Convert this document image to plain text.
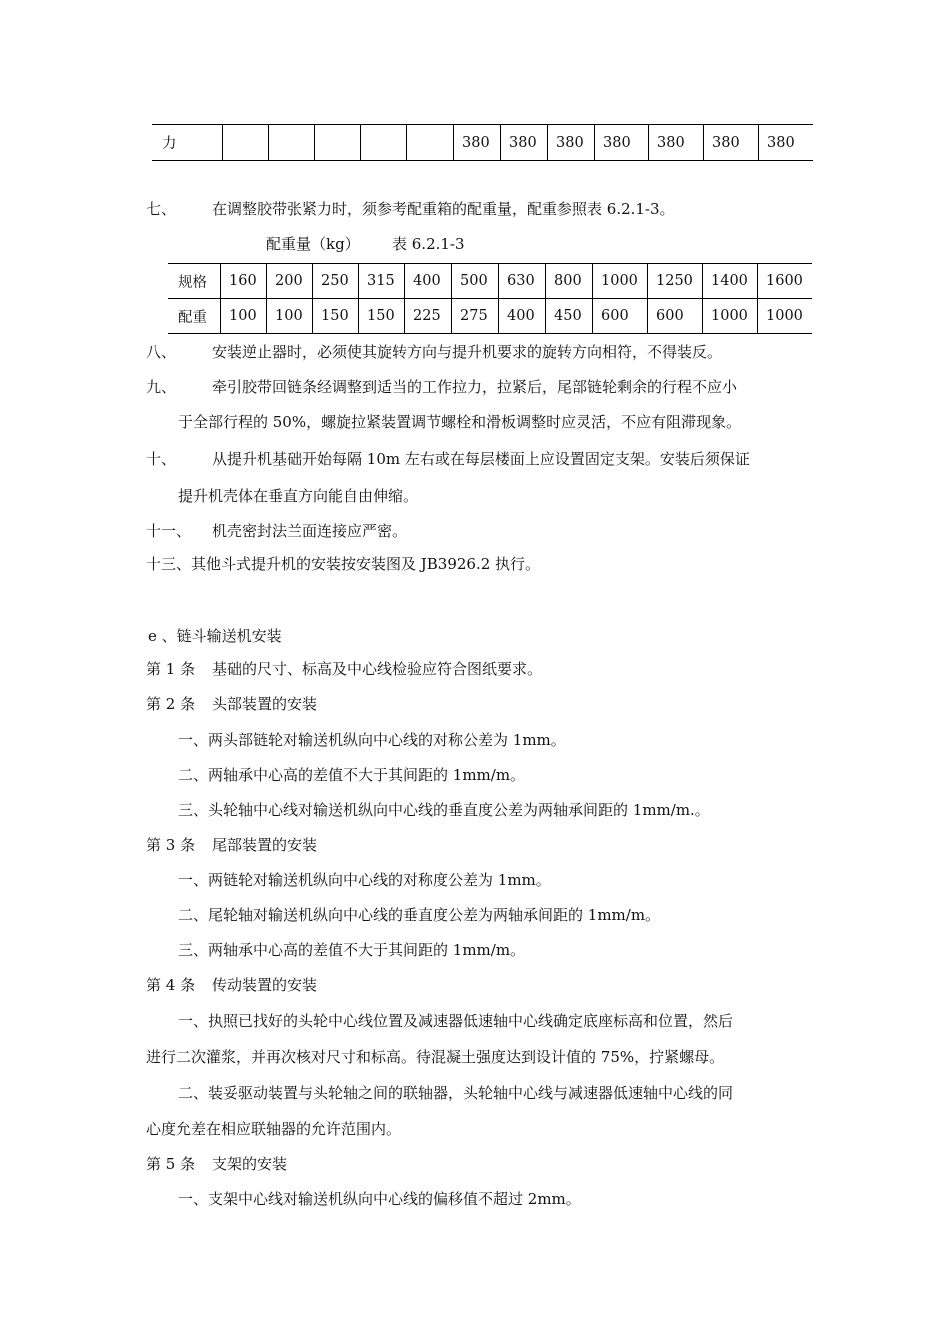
力						380	380	380	380	380	380	380
七、 在调整胶带张紧力时，须参考配重箱的配重量，配重参照表 6.2.1-3。
配重量（kg） 表 6.2.1-3
规格	160	200	250	315	400	500	630	800	1000	1250	1400	1600
配重	100	100	150	150	225	275	400	450	600	600	1000	1000
八、 安装逆止器时，必须使其旋转方向与提升机要求的旋转方向相符，不得装反。
九、 牵引胶带回链条经调整到适当的工作拉力，拉紧后，尾部链轮剩余的行程不应小
于全部行程的 50%，螺旋拉紧装置调节螺栓和滑板调整时应灵活，不应有阻滞现象。
十、 从提升机基础开始每隔 10m 左右或在每层楼面上应设置固定支架。安装后须保证
提升机壳体在垂直方向能自由伸缩。
十一、 机壳密封法兰面连接应严密。
十三、其他斗式提升机的安装按安装图及 JB3926.2 执行。
e 、链斗输送机安装
第 1 条 基础的尺寸、标高及中心线检验应符合图纸要求。
第 2 条 头部装置的安装
一、两头部链轮对输送机纵向中心线的对称公差为 1mm。
二、两轴承中心高的差值不大于其间距的 1mm/m。
三、头轮轴中心线对输送机纵向中心线的垂直度公差为两轴承间距的 1mm/m.。
第 3 条 尾部装置的安装
一、两链轮对输送机纵向中心线的对称度公差为 1mm。
二、尾轮轴对输送机纵向中心线的垂直度公差为两轴承间距的 1mm/m。
三、两轴承中心高的差值不大于其间距的 1mm/m。
第 4 条 传动装置的安装
一、执照已找好的头轮中心线位置及减速器低速轴中心线确定底座标高和位置，然后
进行二次灌浆，并再次核对尺寸和标高。待混凝土强度达到设计值的 75%，拧紧螺母。
二、装妥驱动装置与头轮轴之间的联轴器，头轮轴中心线与减速器低速轴中心线的同
心度允差在相应联轴器的允许范围内。
第 5 条 支架的安装
一、支架中心线对输送机纵向中心线的偏移值不超过 2mm。
